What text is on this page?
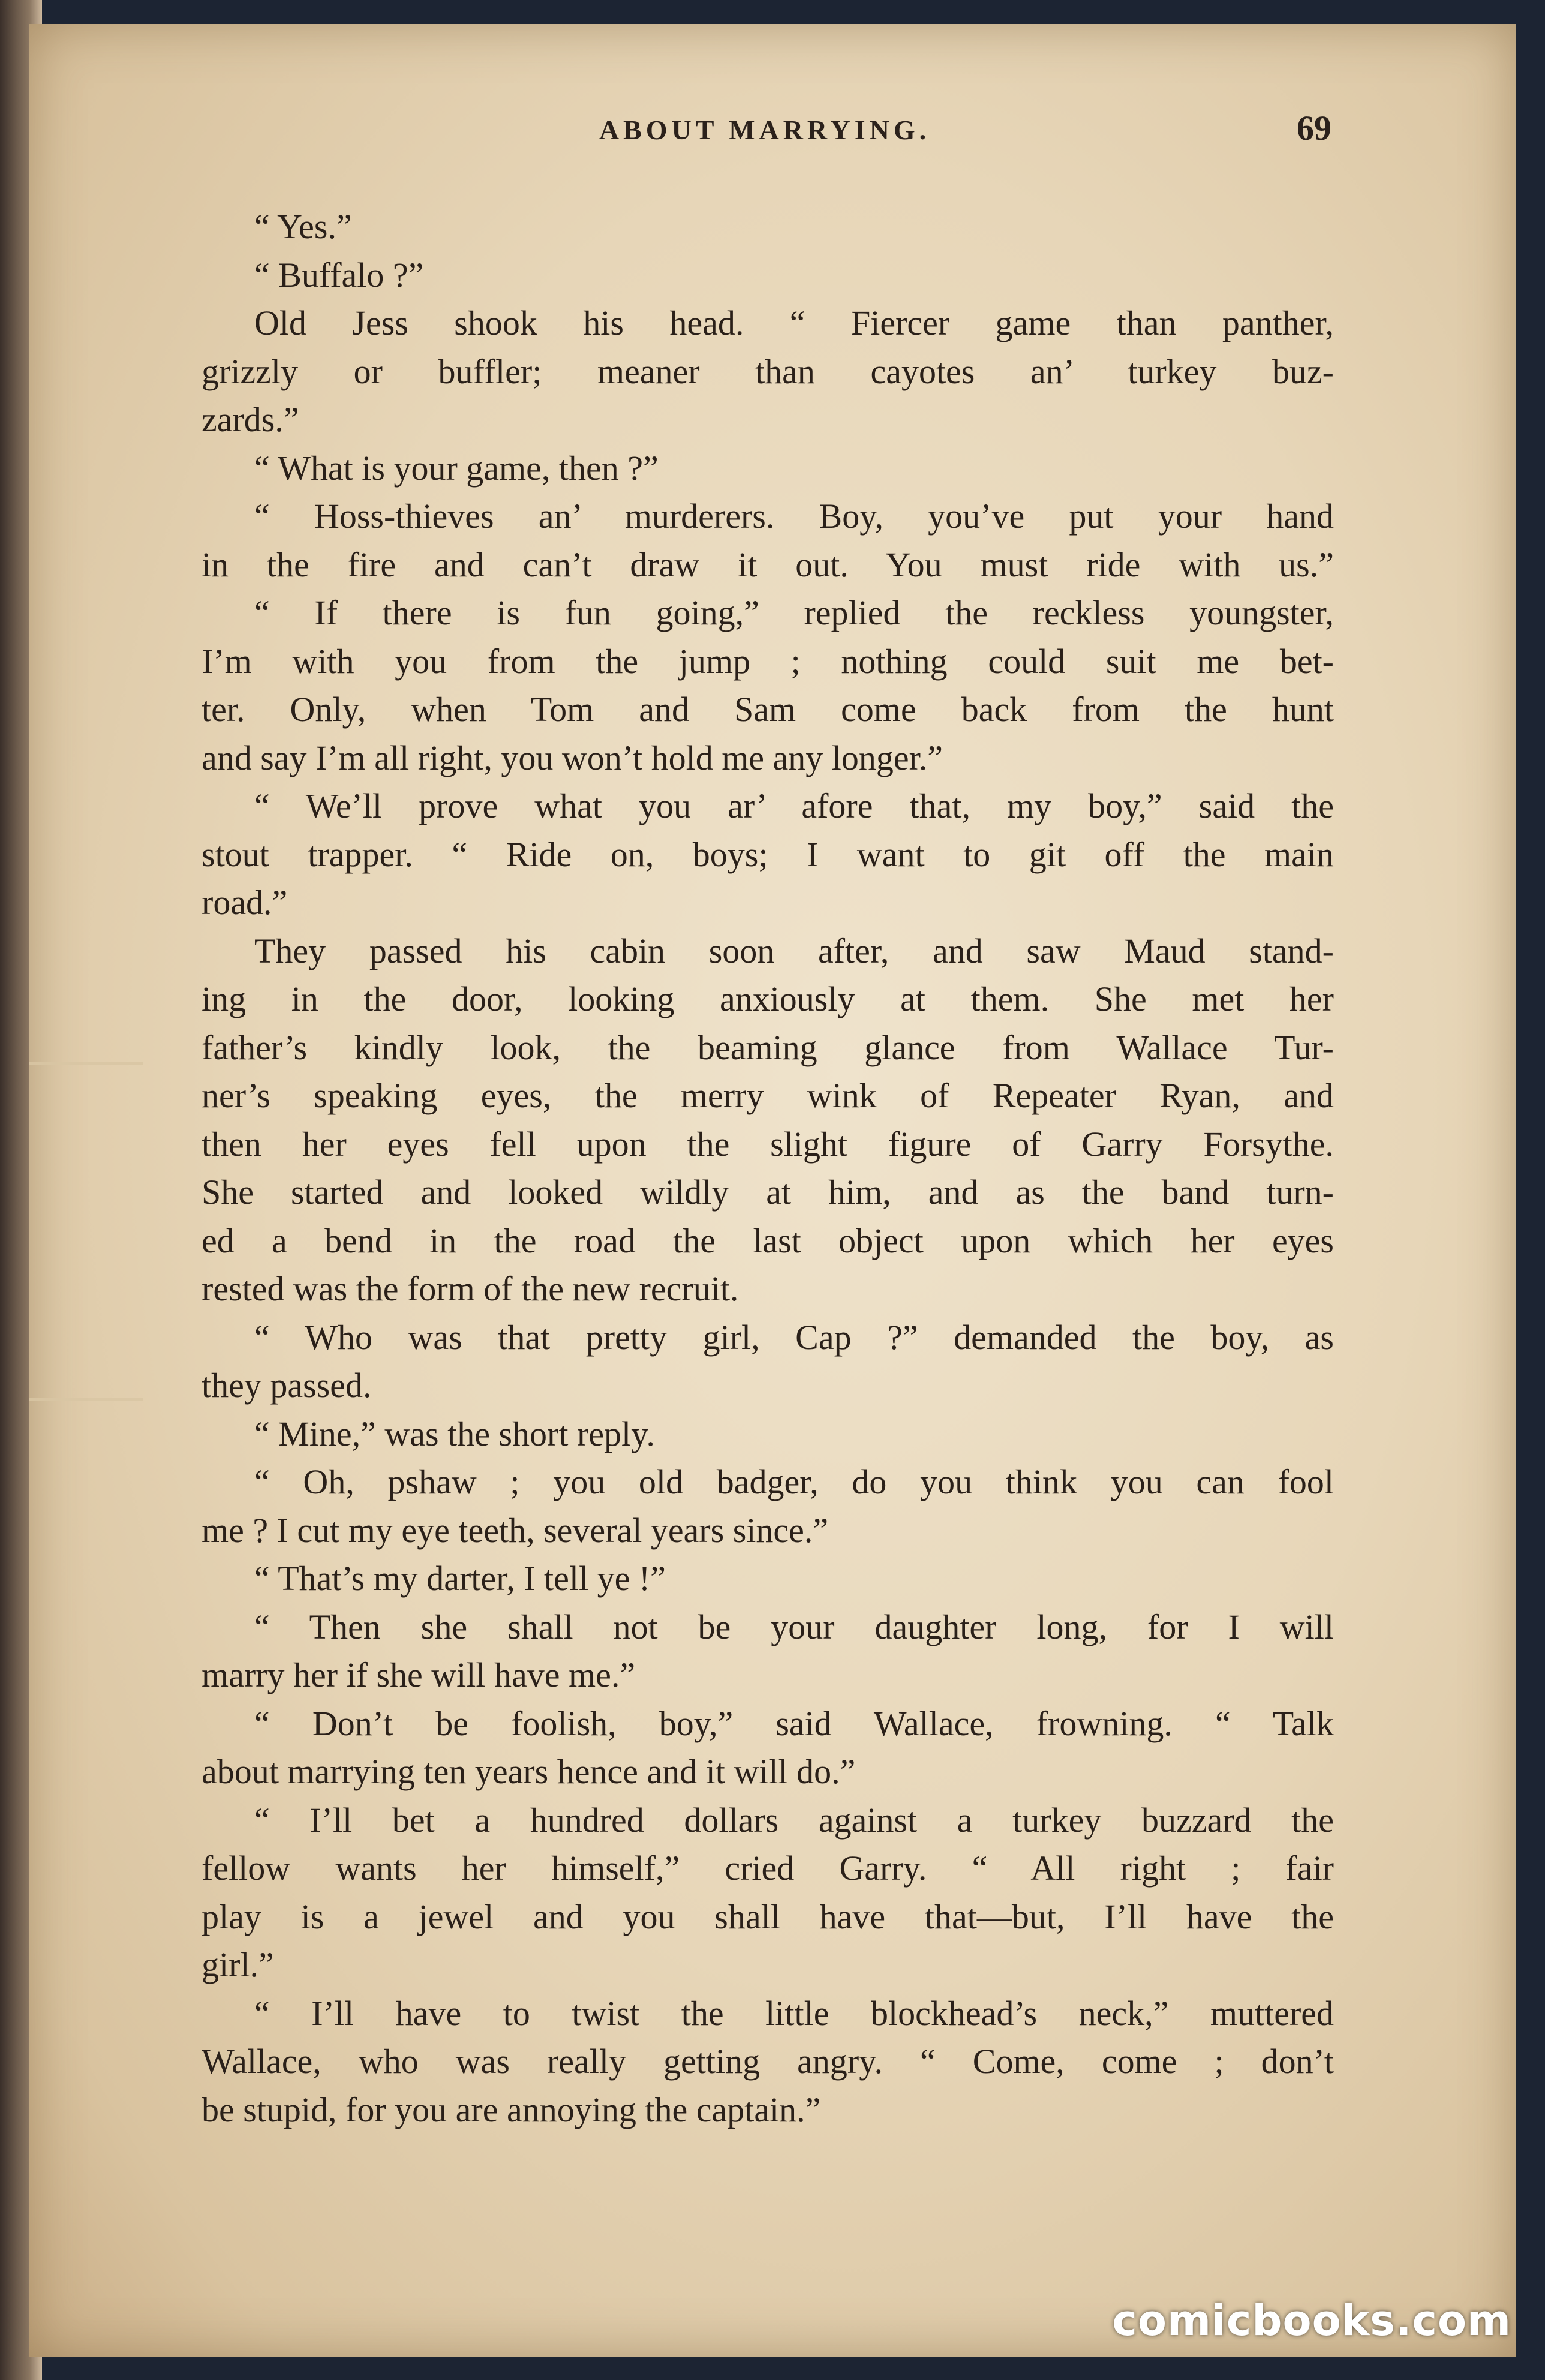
ABOUT MARRYING.	69
“ Yes.”
“ Buffalo ?”
Old Jess shook his head. “ Fiercer game than panther,
grizzly or buffler; meaner than cayotes an’ turkey buz-
zards.”
“ What is your game, then ?”
“ Hoss-thieves an’ murderers. Boy, you’ve put your hand
in the fire and can’t draw it out. You must ride with us.”
“ If there is fun going,” replied the reckless youngster,
I’m with you from the jump ; nothing could suit me bet-
ter. Only, when Tom and Sam come back from the hunt
and say I’m all right, you won’t hold me any longer.”
“ We’ll prove what you ar’ afore that, my boy,” said the
stout trapper. “ Ride on, boys; I want to git off the main
road.”
They passed his cabin soon after, and saw Maud stand-
ing in the door, looking anxiously at them. She met her
father’s kindly look, the beaming glance from Wallace Tur-
ner’s speaking eyes, the merry wink of Repeater Ryan, and
then her eyes fell upon the slight figure of Garry Forsythe.
She started and looked wildly at him, and as the band turn-
ed a bend in the road the last object upon which her eyes
rested was the form of the new recruit.
“ Who was that pretty girl, Cap ?” demanded the boy, as
they passed.
“ Mine,” was the short reply.
“ Oh, pshaw ; you old badger, do you think you can fool
me ? I cut my eye teeth, several years since.”
“ That’s my darter, I tell ye !”
“ Then she shall not be your daughter long, for I will
marry her if she will have me.”
“ Don’t be foolish, boy,” said Wallace, frowning. “ Talk
about marrying ten years hence and it will do.”
“ I’ll bet a hundred dollars against a turkey buzzard the
fellow wants her himself,” cried Garry. “ All right ; fair
play is a jewel and you shall have that—but, I’ll have the
girl.”
“ I’ll have to twist the little blockhead’s neck,” muttered
Wallace, who was really getting angry. “ Come, come ; don’t
be stupid, for you are annoying the captain.”
comicbooks.com
